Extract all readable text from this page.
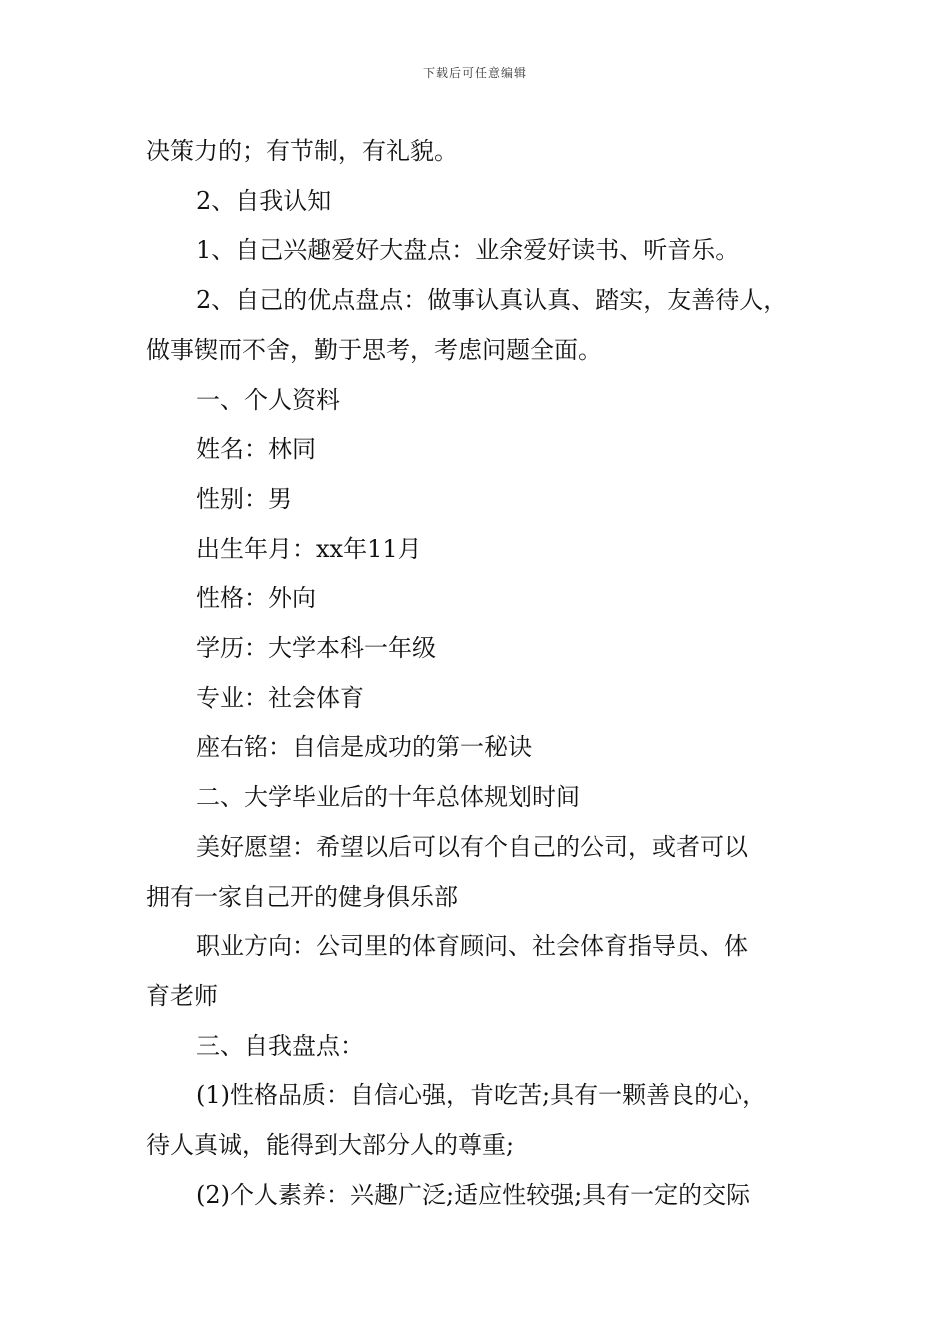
下载后可任意编辑

决策力的；有节制，有礼貌。

2、自我认知

1、自己兴趣爱好大盘点：业余爱好读书、听音乐。

2、自己的优点盘点：做事认真认真、踏实，友善待人，

做事锲而不舍，勤于思考，考虑问题全面。

一、个人资料

姓名：林同

性别：男

出生年月：xx年11月

性格：外向

学历：大学本科一年级

专业：社会体育

座右铭：自信是成功的第一秘诀

二、大学毕业后的十年总体规划时间

美好愿望：希望以后可以有个自己的公司，或者可以

拥有一家自己开的健身俱乐部

职业方向：公司里的体育顾问、社会体育指导员、体

育老师

三、自我盘点：

(1)性格品质：自信心强，肯吃苦;具有一颗善良的心，

待人真诚，能得到大部分人的尊重;

(2)个人素养：兴趣广泛;适应性较强;具有一定的交际
